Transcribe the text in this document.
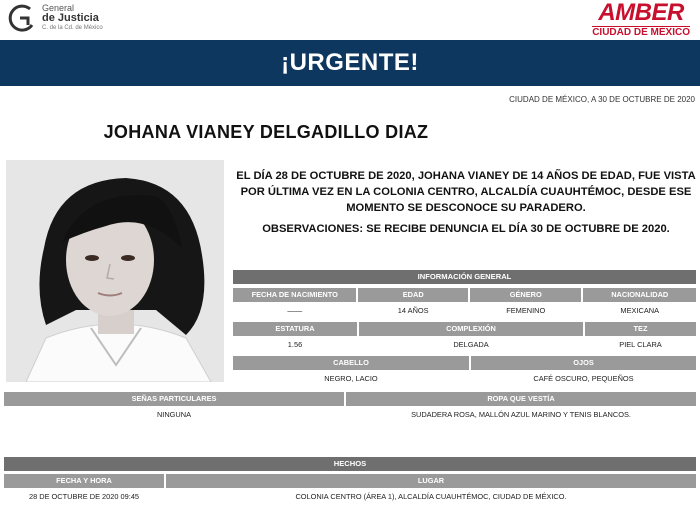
General
de Justicia
C. de la Cd. de México
AMBER
CIUDAD DE MÉXICO
¡URGENTE!
CIUDAD DE MÉXICO, A 30 DE OCTUBRE DE 2020
JOHANA VIANEY DELGADILLO DIAZ
EL DÍA 28 DE OCTUBRE DE 2020, JOHANA VIANEY DE 14 AÑOS DE EDAD, FUE VISTA POR ÚLTIMA VEZ EN LA COLONIA CENTRO, ALCALDÍA CUAUHTÉMOC, DESDE ESE MOMENTO SE DESCONOCE SU PARADERO.
OBSERVACIONES: SE RECIBE DENUNCIA EL DÍA 30 DE OCTUBRE DE 2020.
INFORMACIÓN GENERAL
FECHA DE NACIMIENTO	EDAD	GÉNERO	NACIONALIDAD
——	14 AÑOS	FEMENINO	MEXICANA
ESTATURA	COMPLEXIÓN	TEZ
1.56	DELGADA	PIEL CLARA
CABELLO	OJOS
NEGRO, LACIO	CAFÉ OSCURO, PEQUEÑOS
SEÑAS PARTICULARES	ROPA QUE VESTÍA
NINGUNA	SUDADERA ROSA, MALLÓN AZUL MARINO Y TENIS BLANCOS.
HECHOS
FECHA Y HORA	LUGAR
28 DE OCTUBRE DE 2020 09:45	COLONIA CENTRO (ÁREA 1), ALCALDÍA CUAUHTÉMOC, CIUDAD DE MÉXICO.
